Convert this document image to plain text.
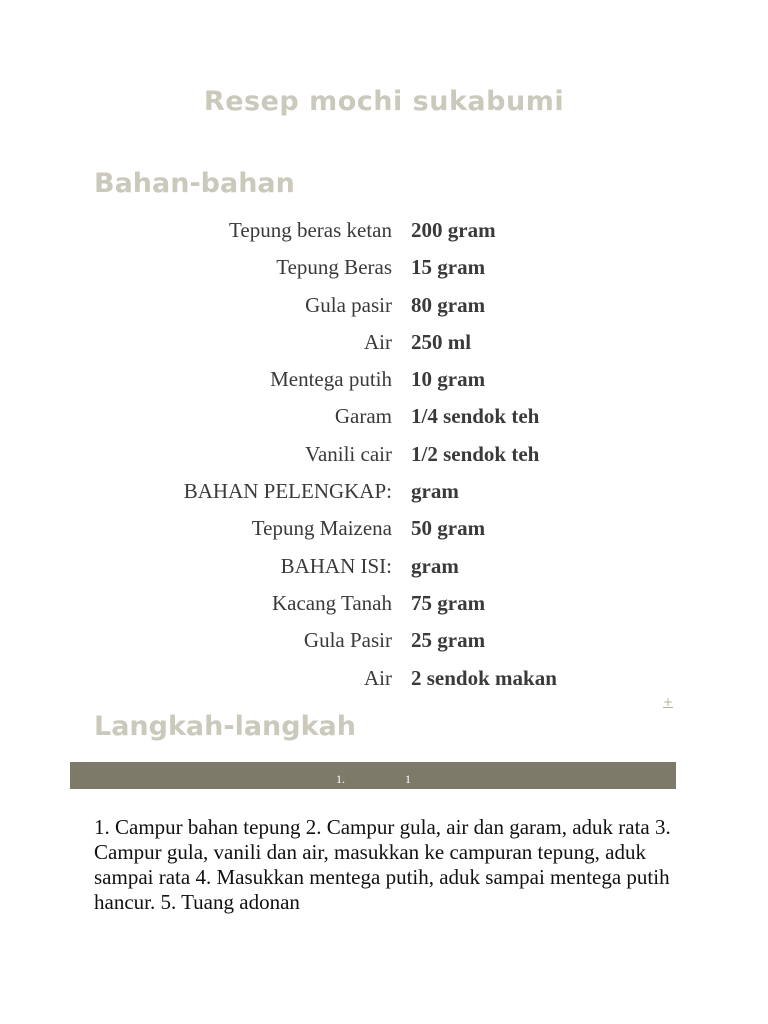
Resep mochi sukabumi
Bahan-bahan
Tepung beras ketan 200 gram
Tepung Beras 15 gram
Gula pasir 80 gram
Air 250 ml
Mentega putih 10 gram
Garam 1/4 sendok teh
Vanili cair 1/2 sendok teh
BAHAN PELENGKAP: gram
Tepung Maizena 50 gram
BAHAN ISI: gram
Kacang Tanah 75 gram
Gula Pasir 25 gram
Air 2 sendok makan
+
Langkah-langkah
1.	1
1. Campur bahan tepung 2. Campur gula, air dan garam, aduk rata 3. Campur gula, vanili dan air, masukkan ke campuran tepung, aduk sampai rata 4. Masukkan mentega putih, aduk sampai mentega putih hancur. 5. Tuang adonan
